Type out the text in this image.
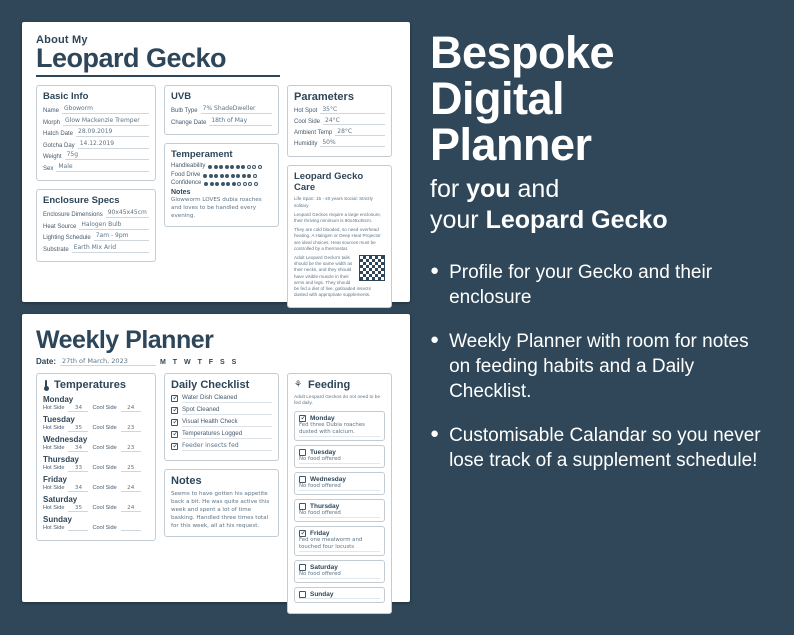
About My
Leopard Gecko
Basic Info
Name Gboworm
Morph Glow Mackenzie Tremper
Hatch Date 28.09.2019
Gotcha Day 14.12.2019
Weight 75g
Sex Male
Enclosure Specs
Enclosure Dimensions 90x45x45cm
Heat Source Halogen Bulb
Lighting Schedule 7am - 9pm
Substrate Earth Mix Arid
UVB
Bulb Type 7% ShadeDweller
Change Date 18th of May
Temperament
Handleability
Food Drive
Confidence
Notes
Glowworm LOVES dubia roaches and loves to be handled every evening.
Parameters
Hot Spot 35°C
Cool Side 24°C
Ambient Temp 28°C
Humidity 50%
Leopard Gecko Care

Life Span: 15 - 40 years Social: Strictly solitary

Leopard Geckos require a large enclosure, their thriving minimum is 90x45x45cm.

They are cold blooded, so need overhead heating. A Halogen or Deep Heat Projector are ideal choices. Heat sources must be controlled by a thermostat.

Adult Leopard Gecko's tails should be the same width as their necks, and they should have visible muscle in their arms and legs. They should be fed a diet of live, gutloaded insects dusted with appropriate supplements.

Weekly Planner
Date: 27th of March, 2023	M T W T F S S
Temperatures
Monday
Hot Side	34	Cool Side	24
Tuesday
Hot Side	35	Cool Side	23
Wednesday
Hot Side	34	Cool Side	23
Thursday
Hot Side	33	Cool Side	25
Friday
Hot Side	34	Cool Side	24
Saturday
Hot Side	35	Cool Side	24
Sunday
Hot Side	Cool Side
Daily Checklist
✓
Water Dish Cleaned
✓
Spot Cleaned
✓
Visual Health Check
✓
Temperatures Logged
✓
Feeder insects fed
Notes
Seems to have gotten his appetite back a bit. He was quite active this week and spent a lot of time basking. Handled three times total for this week, all at his request.
⚘
Feeding
Adult Leopard Geckos do not need to be fed daily.
✓
Monday
Fed three Dubia roaches dusted with calcium.
Tuesday
No food offered
Wednesday
No food offered
Thursday
No food offered
✓
Friday
Fed one mealworm and touched four locusts
Saturday
No food offered
Sunday
Bespoke
Digital
Planner
for you and
your Leopard Gecko
● Profile for your Gecko and their enclosure
● Weekly Planner with room for notes on feeding habits and a Daily Checklist.
● Customisable Calandar so you never lose track of a supplement schedule!
